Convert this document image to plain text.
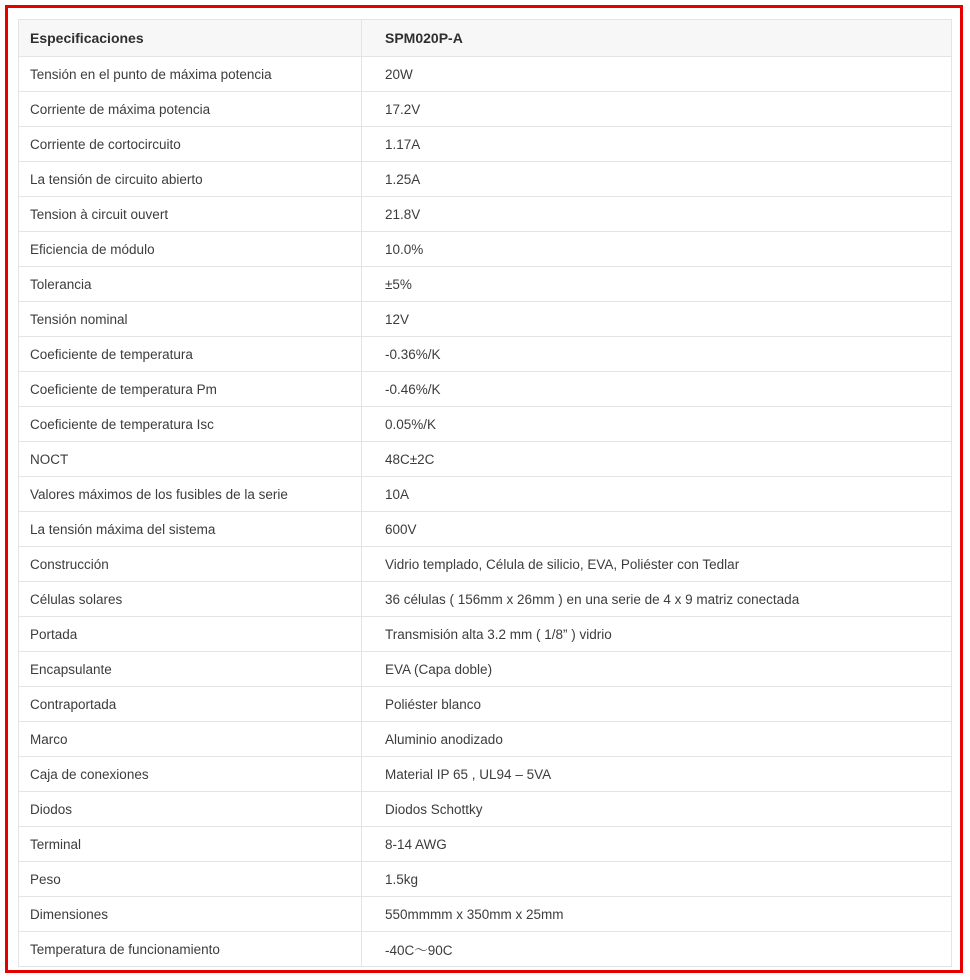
Especificaciones	SPM020P-A
Tensión en el punto de máxima potencia	20W
Corriente de máxima potencia	17.2V
Corriente de cortocircuito	1.17A
La tensión de circuito abierto	1.25A
Tension à circuit ouvert	21.8V
Eficiencia de módulo	10.0%
Tolerancia	±5%
Tensión nominal	12V
Coeficiente de temperatura	-0.36%/K
Coeficiente de temperatura Pm	-0.46%/K
Coeficiente de temperatura Isc	0.05%/K
NOCT	48C±2C
Valores máximos de los fusibles de la serie	10A
La tensión máxima del sistema	600V
Construcción	Vidrio templado, Célula de silicio, EVA, Poliéster con Tedlar
Células solares	36 células ( 156mm x 26mm ) en una serie de 4 x 9 matriz conectada
Portada	Transmisión alta 3.2 mm ( 1/8” ) vidrio
Encapsulante	EVA (Capa doble)
Contraportada	Poliéster blanco
Marco	Aluminio anodizado
Caja de conexiones	Material IP 65 , UL94 – 5VA
Diodos	Diodos Schottky
Terminal	8-14 AWG
Peso	1.5kg
Dimensiones	550mmmm x 350mm x 25mm
Temperatura de funcionamiento	-40C～90C
